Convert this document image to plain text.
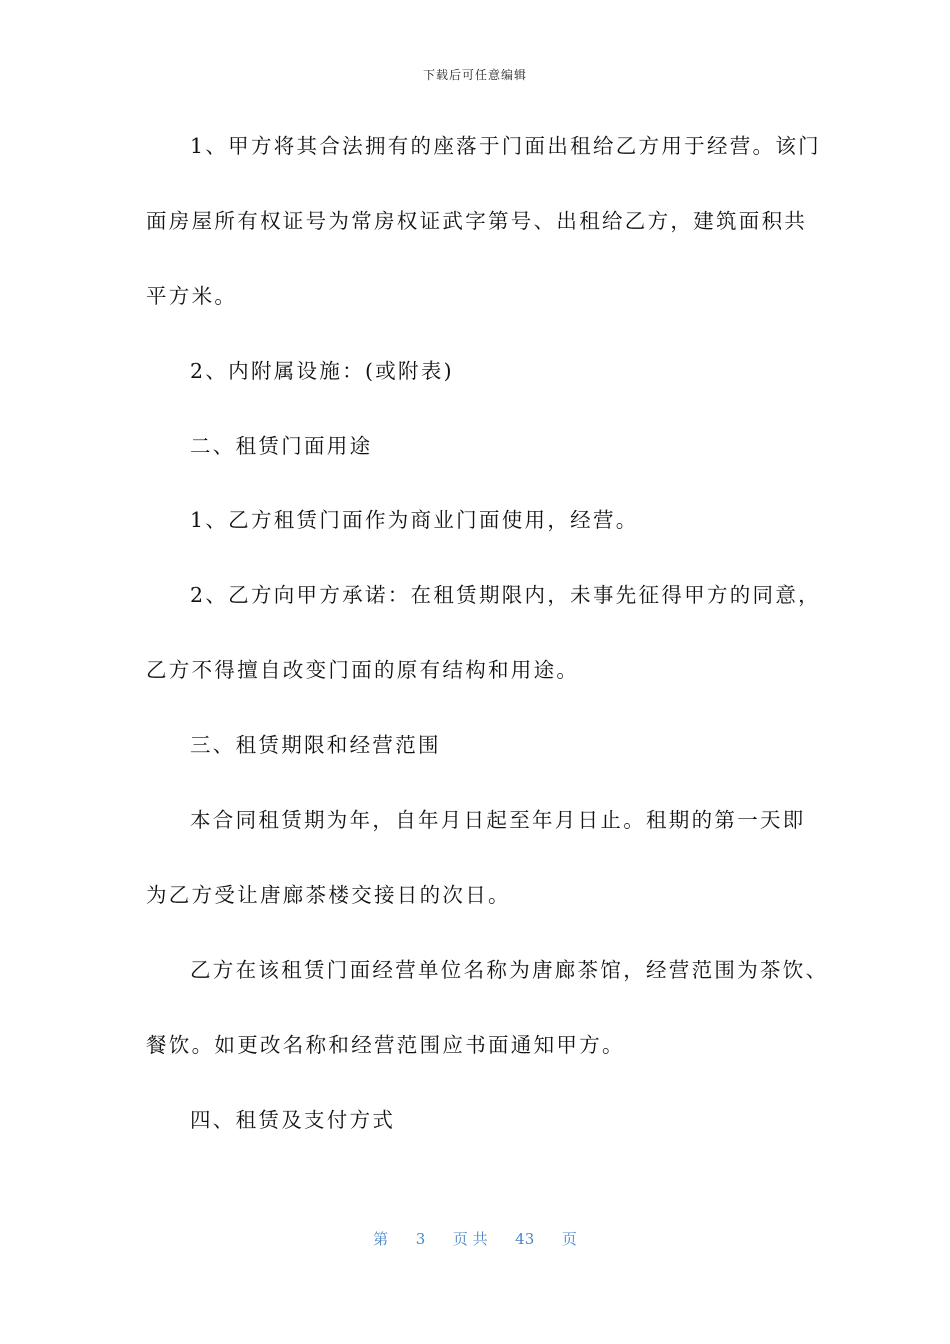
下载后可任意编辑
1、甲方将其合法拥有的座落于门面出租给乙方用于经营。该门
面房屋所有权证号为常房权证武字第号、出租给乙方，建筑面积共
平方米。
2、内附属设施：(或附表)
二、租赁门面用途
1、乙方租赁门面作为商业门面使用，经营。
2、乙方向甲方承诺：在租赁期限内，未事先征得甲方的同意，
乙方不得擅自改变门面的原有结构和用途。
三、租赁期限和经营范围
本合同租赁期为年，自年月日起至年月日止。租期的第一天即
为乙方受让唐廊茶楼交接日的次日。
乙方在该租赁门面经营单位名称为唐廊茶馆，经营范围为茶饮、
餐饮。如更改名称和经营范围应书面通知甲方。
四、租赁及支付方式
第 3 页 共 43 页
